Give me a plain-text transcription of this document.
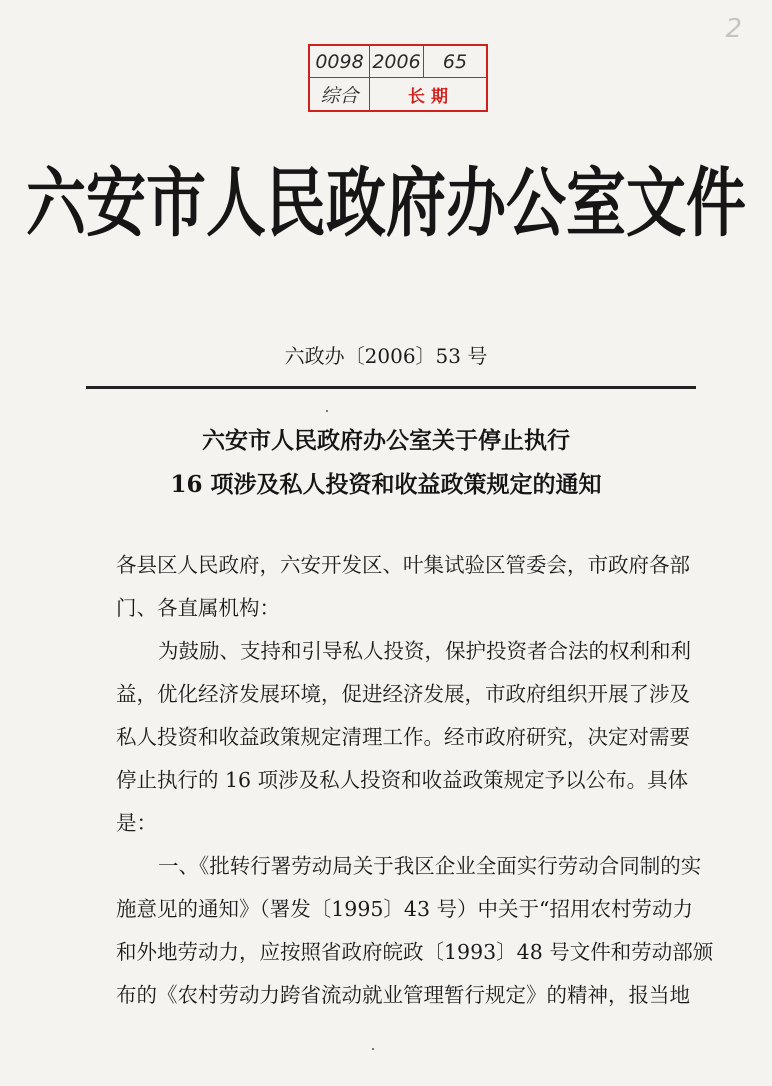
2
0098 2006	65
综合	长 期
六安市人民政府办公室文件
六政办〔2006〕53 号
六安市人民政府办公室关于停止执行
16 项涉及私人投资和收益政策规定的通知
各县区人民政府，六安开发区、叶集试验区管委会，市政府各部
门、各直属机构：
为鼓励、支持和引导私人投资，保护投资者合法的权利和利
益，优化经济发展环境，促进经济发展，市政府组织开展了涉及
私人投资和收益政策规定清理工作。经市政府研究，决定对需要
停止执行的 16 项涉及私人投资和收益政策规定予以公布。具体
是：
一、《批转行署劳动局关于我区企业全面实行劳动合同制的实
施意见的通知》（署发〔1995〕43 号）中关于“招用农村劳动力
和外地劳动力，应按照省政府皖政〔1993〕48 号文件和劳动部颁
布的《农村劳动力跨省流动就业管理暂行规定》的精神，报当地
